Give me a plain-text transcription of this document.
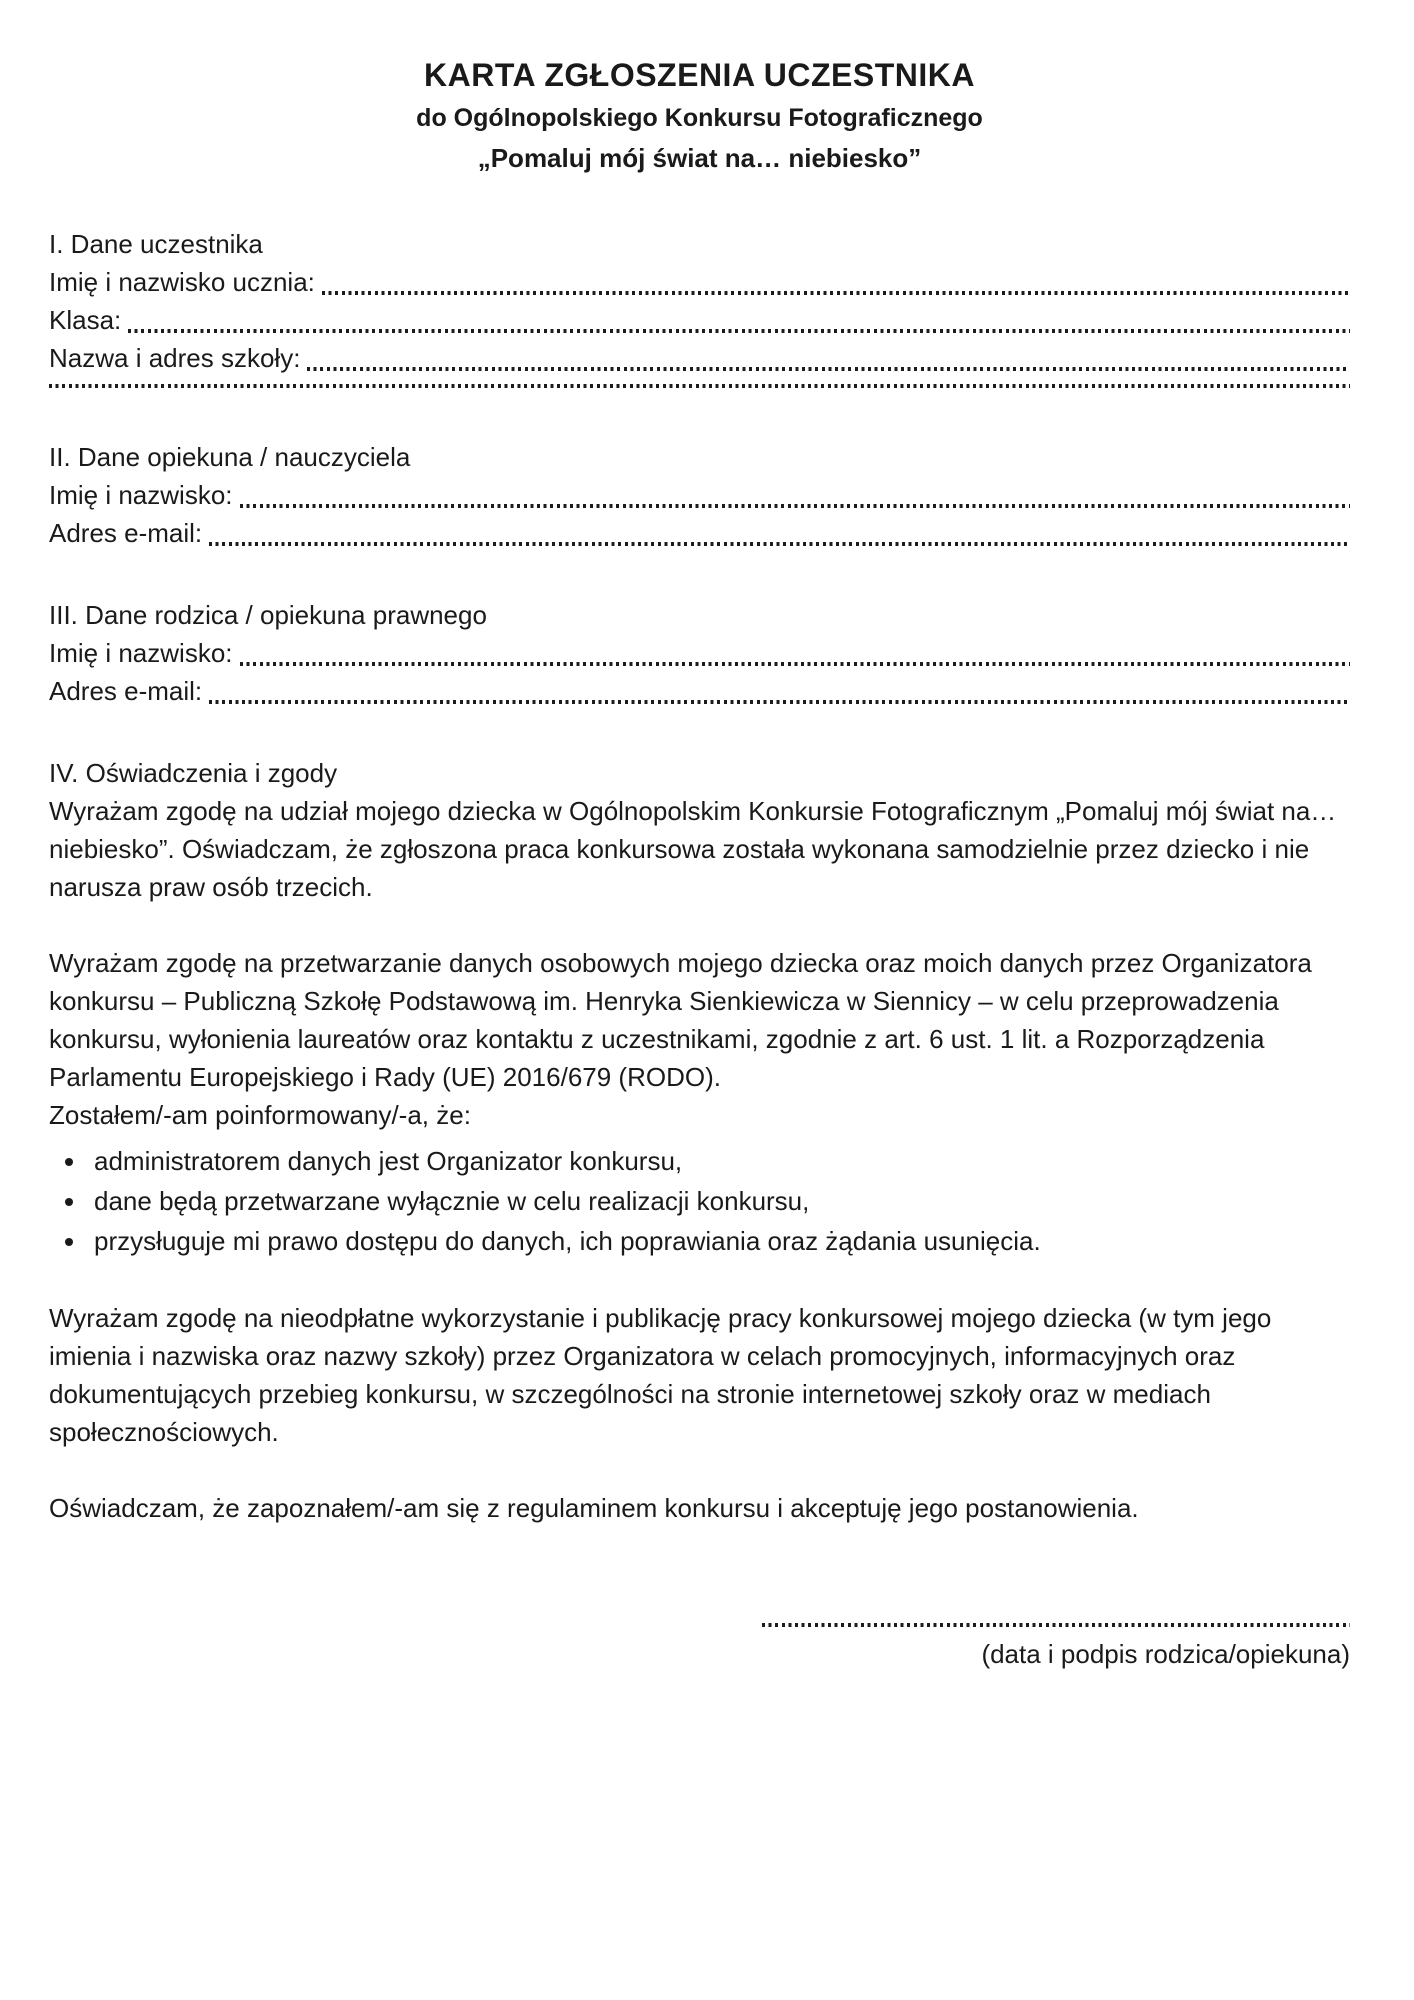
KARTA ZGŁOSZENIA UCZESTNIKA
do Ogólnopolskiego Konkursu Fotograficznego
„Pomaluj mój świat na… niebiesko”
I. Dane uczestnika
Imię i nazwisko ucznia:
Klasa:
Nazwa i adres szkoły:
II. Dane opiekuna / nauczyciela
Imię i nazwisko:
Adres e-mail:
III. Dane rodzica / opiekuna prawnego
Imię i nazwisko:
Adres e-mail:
IV. Oświadczenia i zgody

Wyrażam zgodę na udział mojego dziecka w Ogólnopolskim Konkursie Fotograficznym „Pomaluj mój świat na… niebiesko”. Oświadczam, że zgłoszona praca konkursowa została wykonana samodzielnie przez dziecko i nie narusza praw osób trzecich.

Wyrażam zgodę na przetwarzanie danych osobowych mojego dziecka oraz moich danych przez Organizatora konkursu – Publiczną Szkołę Podstawową im. Henryka Sienkiewicza w Siennicy – w celu przeprowadzenia konkursu, wyłonienia laureatów oraz kontaktu z uczestnikami, zgodnie z art. 6 ust. 1 lit. a Rozporządzenia Parlamentu Europejskiego i Rady (UE) 2016/679 (RODO).
Zostałem/-am poinformowany/-a, że:

• administratorem danych jest Organizator konkursu,
• dane będą przetwarzane wyłącznie w celu realizacji konkursu,
• przysługuje mi prawo dostępu do danych, ich poprawiania oraz żądania usunięcia.

Wyrażam zgodę na nieodpłatne wykorzystanie i publikację pracy konkursowej mojego dziecka (w tym jego imienia i nazwiska oraz nazwy szkoły) przez Organizatora w celach promocyjnych, informacyjnych oraz dokumentujących przebieg konkursu, w szczególności na stronie internetowej szkoły oraz w mediach społecznościowych.

Oświadczam, że zapoznałem/-am się z regulaminem konkursu i akceptuję jego postanowienia.

(data i podpis rodzica/opiekuna)
